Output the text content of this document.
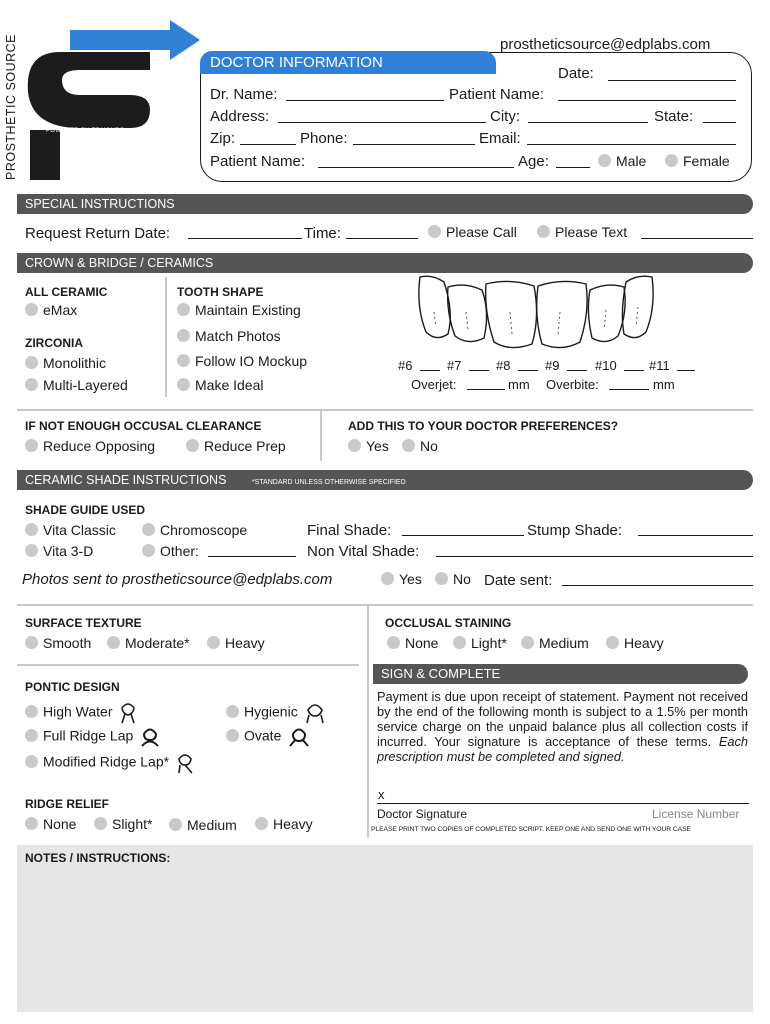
POWERED BY EDMONDS
PROSTHETIC SOURCE	prostheticsource@edplabs.com
DOCTOR INFORMATION
Date:
Dr. Name:	Patient Name:
Address:	City:	State:
Zip:	Phone:	Email:
Patient Name:	Age:	Male	Female
SPECIAL INSTRUCTIONS
Request Return Date:	Time:	Please Call	Please Text
CROWN & BRIDGE / CERAMICS
ALL CERAMIC
eMax
ZIRCONIA
Monolithic
Multi-Layered
TOOTH SHAPE
Maintain Existing
Match Photos
Follow IO Mockup
Make Ideal
#6	#7	#8	#9	#10 #11
Overjet:	mm Overbite:	mm
IF NOT ENOUGH OCCUSAL CLEARANCE
Reduce Opposing	Reduce Prep
ADD THIS TO YOUR DOCTOR PREFERENCES?
Yes	No
CERAMIC SHADE INSTRUCTIONS	*STANDARD UNLESS OTHERWISE SPECIFIED
SHADE GUIDE USED
Vita Classic	Chromoscope
Vita 3-D	Other:
Final Shade:	Stump Shade:
Non Vital Shade:
Photos sent to prostheticsource@edplabs.com	Yes	No Date sent:
SURFACE TEXTURE
Smooth	Moderate*	Heavy
OCCLUSAL STAINING
None	Light*	Medium	Heavy
PONTIC DESIGN
High Water	Hygienic
Full Ridge Lap	Ovate
Modified Ridge Lap*
RIDGE RELIEF
None	Slight*	Medium	Heavy
SIGN & COMPLETE
Payment is due upon receipt of statement. Payment not received by the end of the following month is subject to a 1.5% per month service charge on the unpaid balance plus all collection costs if incurred. Your signature is acceptance of these terms. Each prescription must be completed and signed.
x
Doctor Signature	License Number
PLEASE PRINT TWO COPIES OF COMPLETED SCRIPT. KEEP ONE AND SEND ONE WITH YOUR CASE
NOTES / INSTRUCTIONS:
